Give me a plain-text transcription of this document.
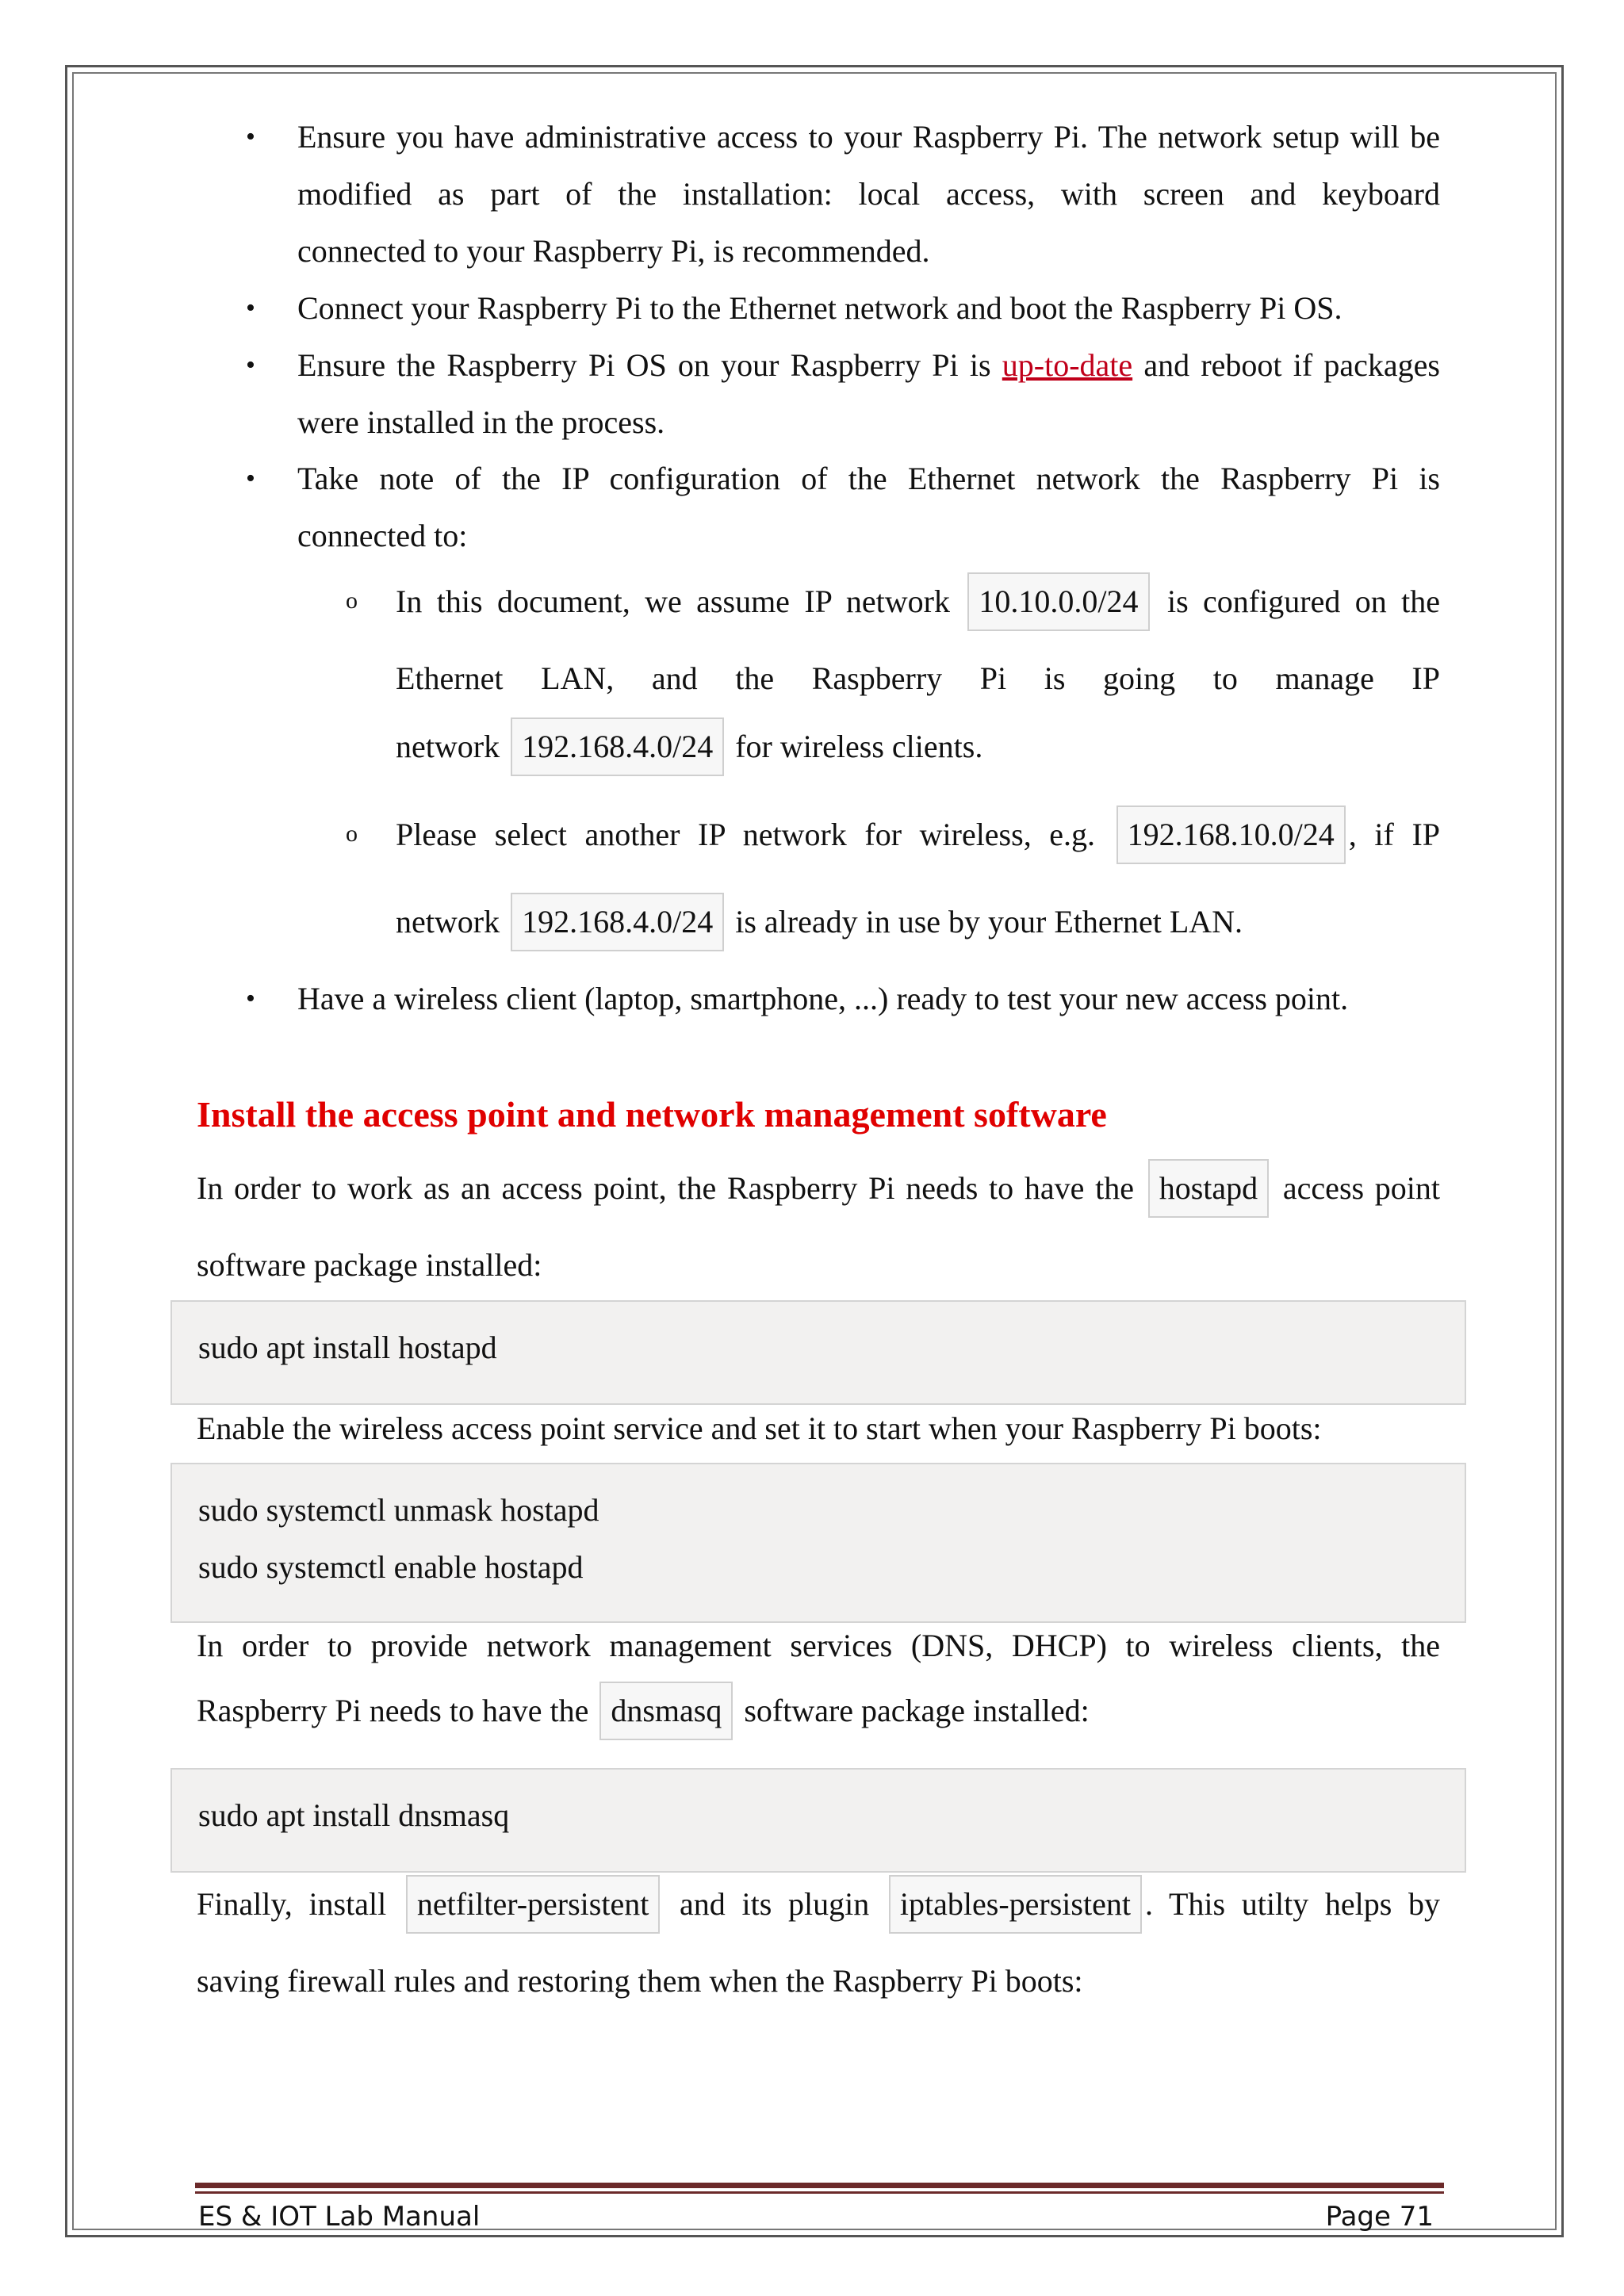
• Ensure you have administrative access to your Raspberry Pi. The network setup will be modified as part of the installation: local access, with screen and keyboard
connected to your Raspberry Pi, is recommended.
• Connect your Raspberry Pi to the Ethernet network and boot the Raspberry Pi OS.
• Ensure the Raspberry Pi OS on your Raspberry Pi is up-to-date and reboot if packages
were installed in the process.
• Take note of the IP configuration of the Ethernet network the Raspberry Pi is
connected to:
o In this document, we assume IP network 10.10.0.0/24 is configured on the
Ethernet LAN, and the Raspberry Pi is going to manage IP
network 192.168.4.0/24 for wireless clients.
o Please select another IP network for wireless, e.g. 192.168.10.0/24 , if IP
network 192.168.4.0/24 is already in use by your Ethernet LAN.
• Have a wireless client (laptop, smartphone, ...) ready to test your new access point.
Install the access point and network management software
In order to work as an access point, the Raspberry Pi needs to have the hostapd access point
software package installed:
sudo apt install hostapd
Enable the wireless access point service and set it to start when your Raspberry Pi boots:
sudo systemctl unmask hostapd
sudo systemctl enable hostapd
In order to provide network management services (DNS, DHCP) to wireless clients, the
Raspberry Pi needs to have the dnsmasq software package installed:
sudo apt install dnsmasq
Finally, install netfilter-persistent and its plugin iptables-persistent . This utilty helps by
saving firewall rules and restoring them when the Raspberry Pi boots:
ES & IOT Lab Manual	Page 71
